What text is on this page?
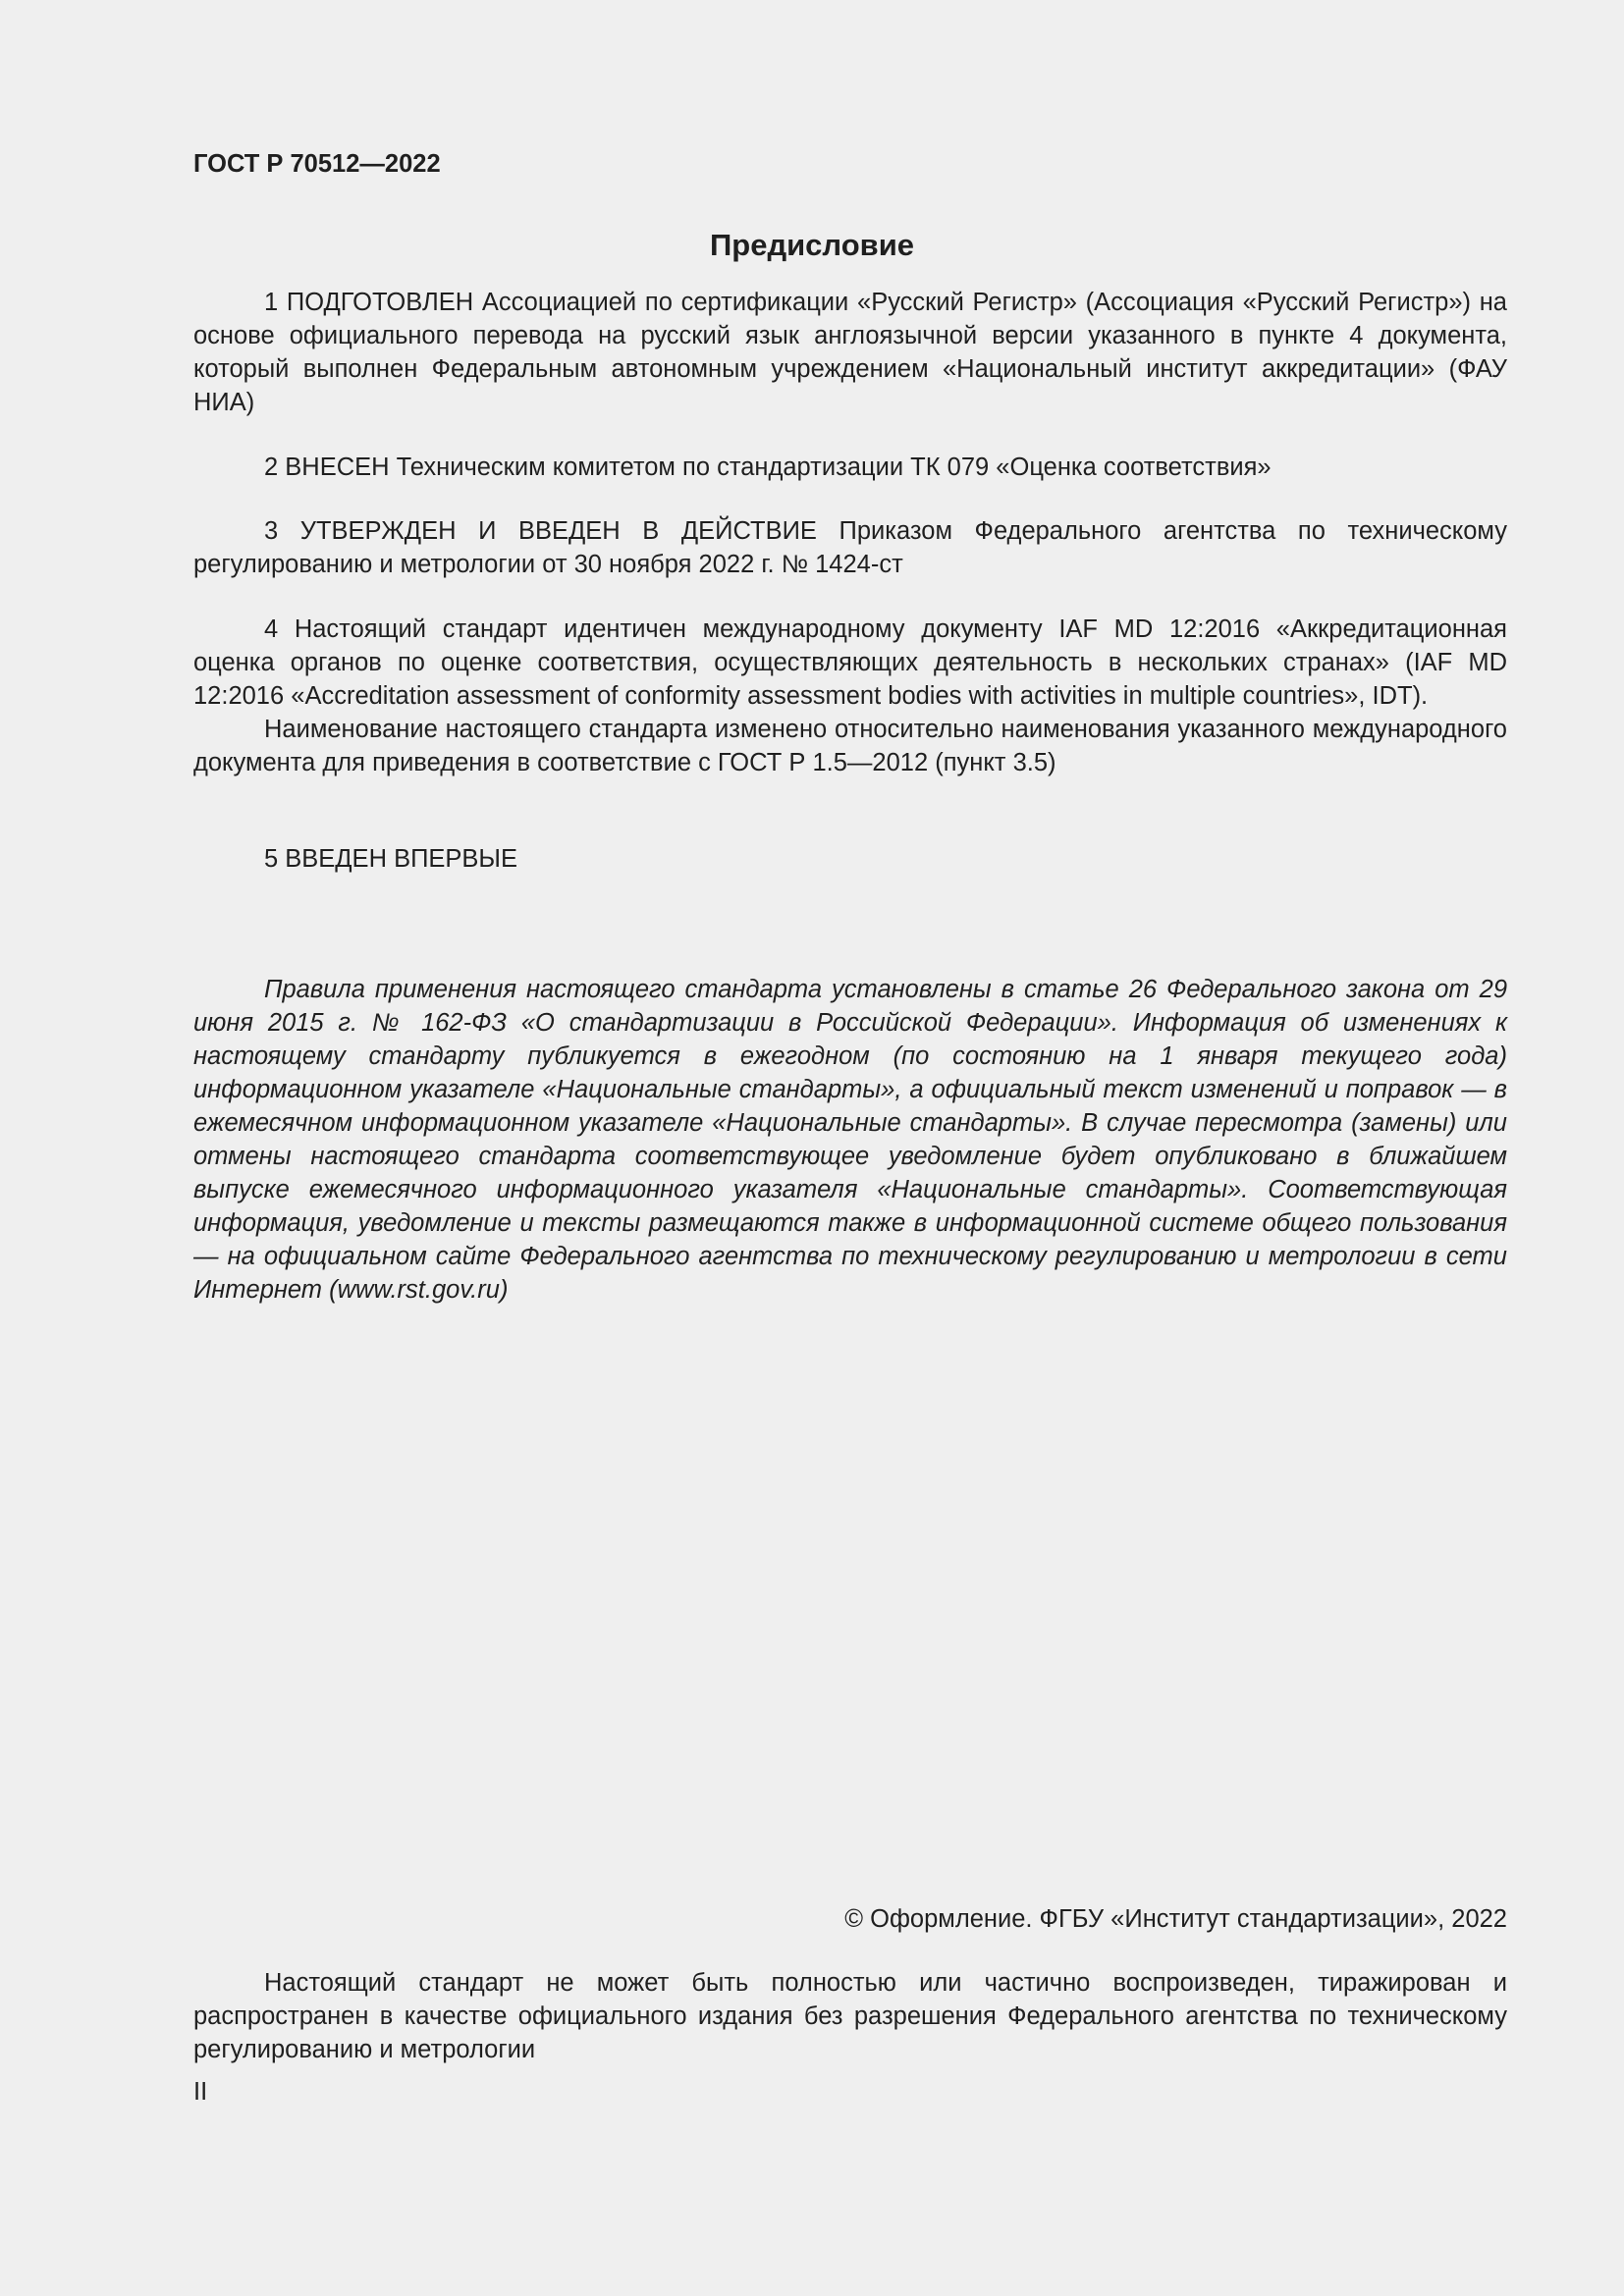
ГОСТ Р 70512—2022
Предисловие

1 ПОДГОТОВЛЕН Ассоциацией по сертификации «Русский Регистр» (Ассоциация «Русский Регистр») на основе официального перевода на русский язык англоязычной версии указанного в пункте 4 документа, который выполнен Федеральным автономным учреждением «Национальный институт аккредитации» (ФАУ НИА)

2 ВНЕСЕН Техническим комитетом по стандартизации ТК 079 «Оценка соответствия»

3 УТВЕРЖДЕН И ВВЕДЕН В ДЕЙСТВИЕ Приказом Федерального агентства по техническому регулированию и метрологии от 30 ноября 2022 г. № 1424-ст

4 Настоящий стандарт идентичен международному документу IAF MD 12:2016 «Аккредитационная оценка органов по оценке соответствия, осуществляющих деятельность в нескольких странах» (IAF MD 12:2016 «Accreditation assessment of conformity assessment bodies with activities in multiple countries», IDT).

Наименование настоящего стандарта изменено относительно наименования указанного международного документа для приведения в соответствие с ГОСТ Р 1.5—2012 (пункт 3.5)

5 ВВЕДЕН ВПЕРВЫЕ

Правила применения настоящего стандарта установлены в статье 26 Федерального закона от 29 июня 2015 г. № 162-ФЗ «О стандартизации в Российской Федерации». Информация об изменениях к настоящему стандарту публикуется в ежегодном (по состоянию на 1 января текущего года) информационном указателе «Национальные стандарты», а официальный текст изменений и поправок — в ежемесячном информационном указателе «Национальные стандарты». В случае пересмотра (замены) или отмены настоящего стандарта соответствующее уведомление будет опубликовано в ближайшем выпуске ежемесячного информационного указателя «Национальные стандарты». Соответствующая информация, уведомление и тексты размещаются также в информационной системе общего пользования — на официальном сайте Федерального агентства по техническому регулированию и метрологии в сети Интернет (www.rst.gov.ru)

© Оформление. ФГБУ «Институт стандартизации», 2022

Настоящий стандарт не может быть полностью или частично воспроизведен, тиражирован и распространен в качестве официального издания без разрешения Федерального агентства по техническому регулированию и метрологии

II
